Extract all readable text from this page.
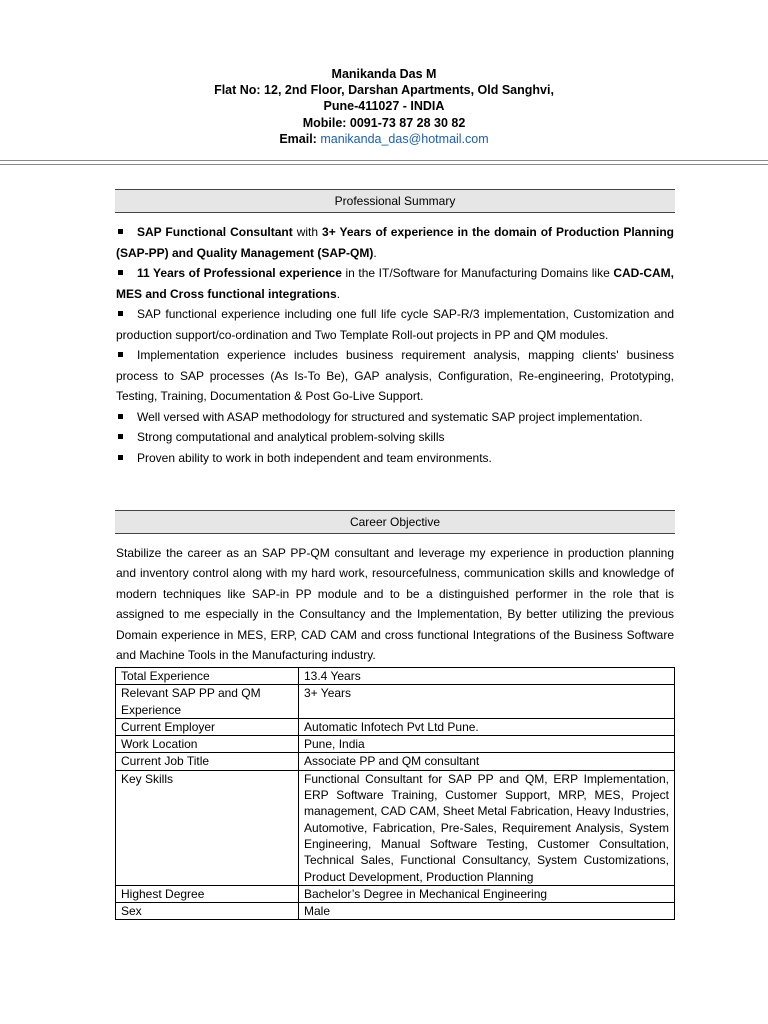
Manikanda Das M
Flat No: 12, 2nd Floor, Darshan Apartments, Old Sanghvi,
Pune-411027 - INDIA
Mobile: 0091-73 87 28 30 82
Email: manikanda_das@hotmail.com
Professional Summary
SAP Functional Consultant with 3+ Years of experience in the domain of Production Planning (SAP-PP) and Quality Management (SAP-QM).
11 Years of Professional experience in the IT/Software for Manufacturing Domains like CAD-CAM, MES and Cross functional integrations.
SAP functional experience including one full life cycle SAP-R/3 implementation, Customization and production support/co-ordination and Two Template Roll-out projects in PP and QM modules.
Implementation experience includes business requirement analysis, mapping clients' business process to SAP processes (As Is-To Be), GAP analysis, Configuration, Re-engineering, Prototyping, Testing, Training, Documentation & Post Go-Live Support.
Well versed with ASAP methodology for structured and systematic SAP project implementation.
Strong computational and analytical problem-solving skills
Proven ability to work in both independent and team environments.
Career Objective
Stabilize the career as an SAP PP-QM consultant and leverage my experience in production planning and inventory control along with my hard work, resourcefulness, communication skills and knowledge of modern techniques like SAP-in PP module and to be a distinguished performer in the role that is assigned to me especially in the Consultancy and the Implementation, By better utilizing the previous Domain experience in MES, ERP, CAD CAM and cross functional Integrations of the Business Software and Machine Tools in the Manufacturing industry.
Total Experience	13.4 Years
Relevant SAP PP and QM Experience	3+ Years
Current Employer	Automatic Infotech Pvt Ltd Pune.
Work Location	Pune, India
Current Job Title	Associate PP and QM consultant
Key Skills	Functional Consultant for SAP PP and QM, ERP Implementation, ERP Software Training, Customer Support, MRP, MES, Project management, CAD CAM, Sheet Metal Fabrication, Heavy Industries, Automotive, Fabrication, Pre-Sales, Requirement Analysis, System Engineering, Manual Software Testing, Customer Consultation, Technical Sales, Functional Consultancy, System Customizations, Product Development, Production Planning
Highest Degree	Bachelor’s Degree in Mechanical Engineering
Sex	Male
